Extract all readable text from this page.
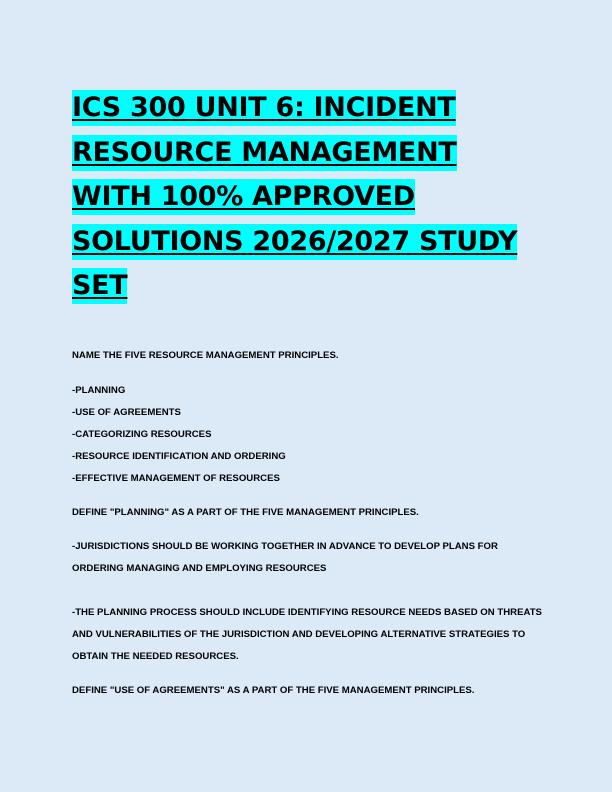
ICS 300 UNIT 6: INCIDENT
RESOURCE MANAGEMENT
WITH 100% APPROVED
SOLUTIONS 2026/2027 STUDY
SET

NAME THE FIVE RESOURCE MANAGEMENT PRINCIPLES.

-PLANNING
-USE OF AGREEMENTS
-CATEGORIZING RESOURCES
-RESOURCE IDENTIFICATION AND ORDERING
-EFFECTIVE MANAGEMENT OF RESOURCES

DEFINE "PLANNING" AS A PART OF THE FIVE MANAGEMENT PRINCIPLES.

-JURISDICTIONS SHOULD BE WORKING TOGETHER IN ADVANCE TO DEVELOP PLANS FOR ORDERING MANAGING AND EMPLOYING RESOURCES

-THE PLANNING PROCESS SHOULD INCLUDE IDENTIFYING RESOURCE NEEDS BASED ON THREATS AND VULNERABILITIES OF THE JURISDICTION AND DEVELOPING ALTERNATIVE STRATEGIES TO OBTAIN THE NEEDED RESOURCES.

DEFINE "USE OF AGREEMENTS" AS A PART OF THE FIVE MANAGEMENT PRINCIPLES.
